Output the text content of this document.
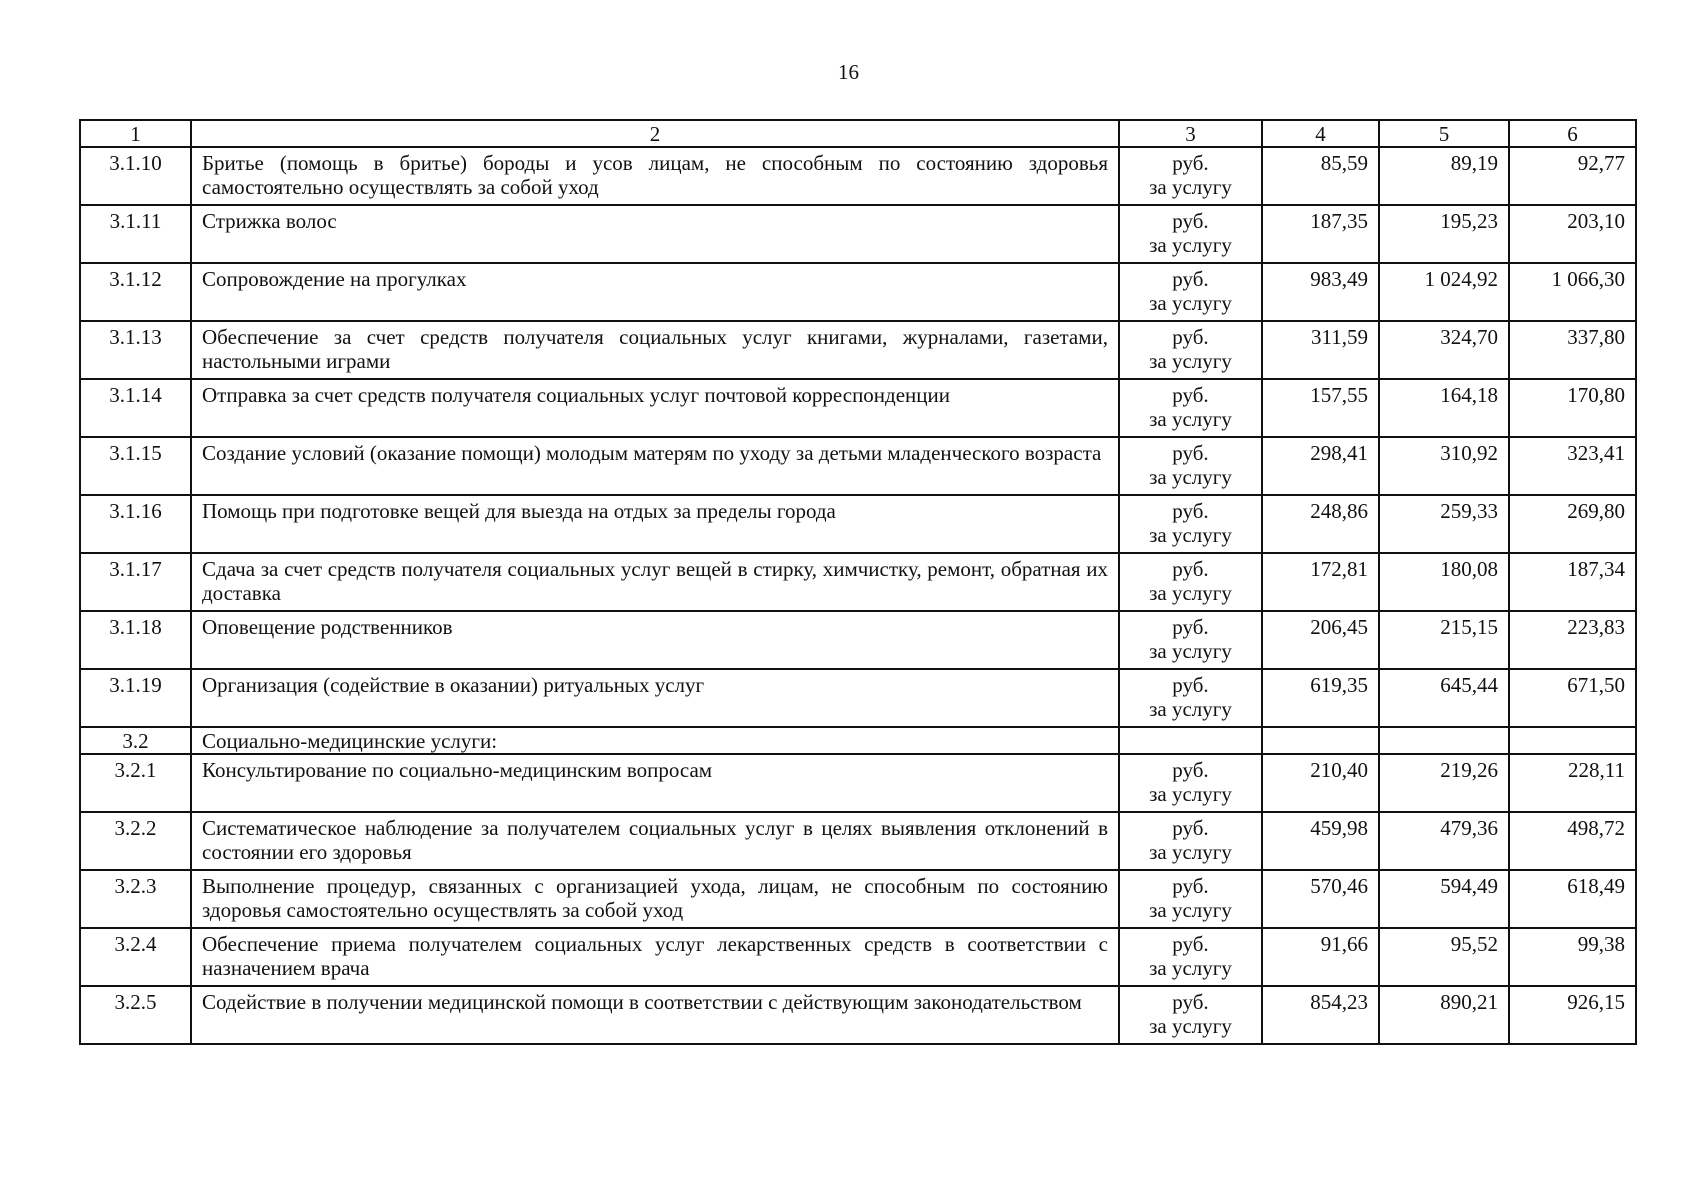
16
1	2	3	4	5	6
3.1.10	Бритье (помощь в бритье) бороды и усов лицам, не способным по состоянию здоровья самостоятельно осуществлять за собой уход	руб.
за услугу	85,59	89,19	92,77
3.1.11	Стрижка волос	руб.
за услугу	187,35	195,23	203,10
3.1.12	Сопровождение на прогулках	руб.
за услугу	983,49	1 024,92	1 066,30
3.1.13	Обеспечение за счет средств получателя социальных услуг книгами, журналами, газетами, настольными играми	руб.
за услугу	311,59	324,70	337,80
3.1.14	Отправка за счет средств получателя социальных услуг почтовой корреспонденции	руб.
за услугу	157,55	164,18	170,80
3.1.15	Создание условий (оказание помощи) молодым матерям по уходу за детьми младенческого возраста	руб.
за услугу	298,41	310,92	323,41
3.1.16	Помощь при подготовке вещей для выезда на отдых за пределы города	руб.
за услугу	248,86	259,33	269,80
3.1.17	Сдача за счет средств получателя социальных услуг вещей в стирку, химчистку, ремонт, обратная их доставка	руб.
за услугу	172,81	180,08	187,34
3.1.18	Оповещение родственников	руб.
за услугу	206,45	215,15	223,83
3.1.19	Организация (содействие в оказании) ритуальных услуг	руб.
за услугу	619,35	645,44	671,50
3.2	Социально-медицинские услуги:				
3.2.1	Консультирование по социально-медицинским вопросам	руб.
за услугу	210,40	219,26	228,11
3.2.2	Систематическое наблюдение за получателем социальных услуг в целях выявления отклонений в состоянии его здоровья	руб.
за услугу	459,98	479,36	498,72
3.2.3	Выполнение процедур, связанных с организацией ухода, лицам, не способным по состоянию здоровья самостоятельно осуществлять за собой уход	руб.
за услугу	570,46	594,49	618,49
3.2.4	Обеспечение приема получателем социальных услуг лекарственных средств в соответствии с назначением врача	руб.
за услугу	91,66	95,52	99,38
3.2.5	Содействие в получении медицинской помощи в соответствии с действующим законодательством	руб.
за услугу	854,23	890,21	926,15
